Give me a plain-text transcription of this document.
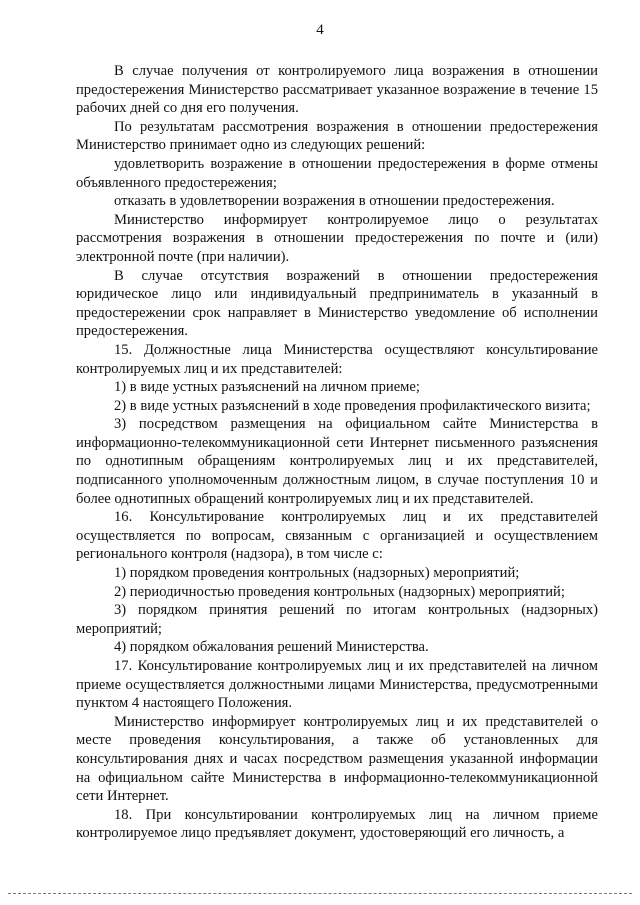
4

В случае получения от контролируемого лица возражения в отношении предостережения Министерство рассматривает указанное возражение в течение 15 рабочих дней со дня его получения.

По результатам рассмотрения возражения в отношении предостережения Министерство принимает одно из следующих решений:

удовлетворить возражение в отношении предостережения в форме отмены объявленного предостережения;

отказать в удовлетворении возражения в отношении предостережения.

Министерство информирует контролируемое лицо о результатах рассмотрения возражения в отношении предостережения по почте и (или) электронной почте (при наличии).

В случае отсутствия возражений в отношении предостережения юридическое лицо или индивидуальный предприниматель в указанный в предостережении срок направляет в Министерство уведомление об исполнении предостережения.

15. Должностные лица Министерства осуществляют консультирование контролируемых лиц и их представителей:

1) в виде устных разъяснений на личном приеме;

2) в виде устных разъяснений в ходе проведения профилактического визита;

3) посредством размещения на официальном сайте Министерства в информационно-телекоммуникационной сети Интернет письменного разъяснения по однотипным обращениям контролируемых лиц и их представителей, подписанного уполномоченным должностным лицом, в случае поступления 10 и более однотипных обращений контролируемых лиц и их представителей.

16. Консультирование контролируемых лиц и их представителей осуществляется по вопросам, связанным с организацией и осуществлением регионального контроля (надзора), в том числе с:

1) порядком проведения контрольных (надзорных) мероприятий;

2) периодичностью проведения контрольных (надзорных) мероприятий;

3) порядком принятия решений по итогам контрольных (надзорных) мероприятий;

4) порядком обжалования решений Министерства.

17. Консультирование контролируемых лиц и их представителей на личном приеме осуществляется должностными лицами Министерства, предусмотренными пунктом 4 настоящего Положения.

Министерство информирует контролируемых лиц и их представителей о месте проведения консультирования, а также об установленных для консультирования днях и часах посредством размещения указанной информации на официальном сайте Министерства в информационно-телекоммуникационной сети Интернет.

18. При консультировании контролируемых лиц на личном приеме контролируемое лицо предъявляет документ, удостоверяющий его личность, а
